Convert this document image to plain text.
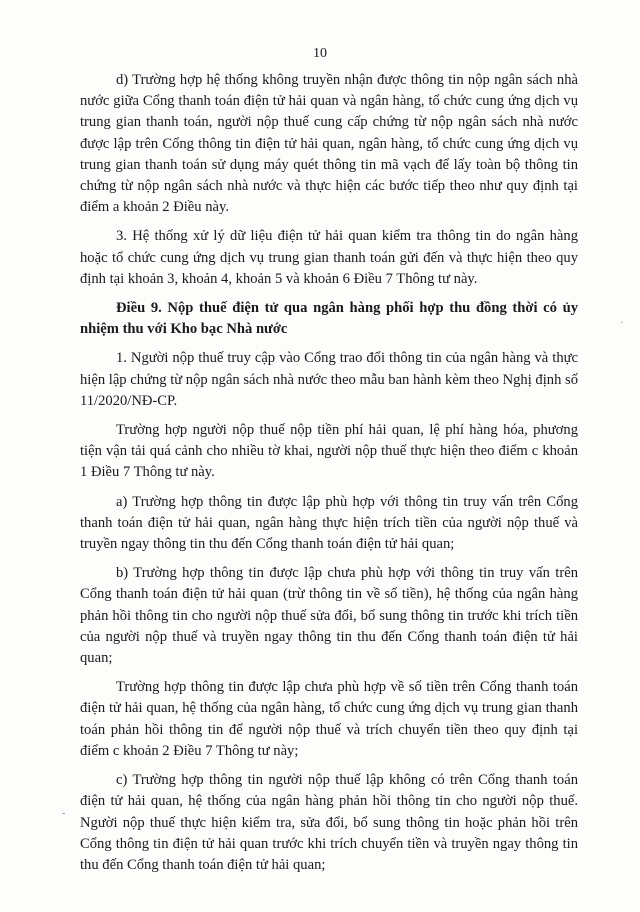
10

d) Trường hợp hệ thống không truyền nhận được thông tin nộp ngân sách nhà nước giữa Cổng thanh toán điện tử hải quan và ngân hàng, tổ chức cung ứng dịch vụ trung gian thanh toán, người nộp thuế cung cấp chứng từ nộp ngân sách nhà nước được lập trên Cổng thông tin điện tử hải quan, ngân hàng, tổ chức cung ứng dịch vụ trung gian thanh toán sử dụng máy quét thông tin mã vạch để lấy toàn bộ thông tin chứng từ nộp ngân sách nhà nước và thực hiện các bước tiếp theo như quy định tại điểm a khoản 2 Điều này.

3. Hệ thống xử lý dữ liệu điện tử hải quan kiểm tra thông tin do ngân hàng hoặc tổ chức cung ứng dịch vụ trung gian thanh toán gửi đến và thực hiện theo quy định tại khoản 3, khoản 4, khoản 5 và khoản 6 Điều 7 Thông tư này.

Điều 9. Nộp thuế điện tử qua ngân hàng phối hợp thu đồng thời có ủy nhiệm thu với Kho bạc Nhà nước

1. Người nộp thuế truy cập vào Cổng trao đổi thông tin của ngân hàng và thực hiện lập chứng từ nộp ngân sách nhà nước theo mẫu ban hành kèm theo Nghị định số 11/2020/NĐ-CP.

Trường hợp người nộp thuế nộp tiền phí hải quan, lệ phí hàng hóa, phương tiện vận tải quá cảnh cho nhiều tờ khai, người nộp thuế thực hiện theo điểm c khoản 1 Điều 7 Thông tư này.

a) Trường hợp thông tin được lập phù hợp với thông tin truy vấn trên Cổng thanh toán điện tử hải quan, ngân hàng thực hiện trích tiền của người nộp thuế và truyền ngay thông tin thu đến Cổng thanh toán điện tử hải quan;

b) Trường hợp thông tin được lập chưa phù hợp với thông tin truy vấn trên Cổng thanh toán điện tử hải quan (trừ thông tin về số tiền), hệ thống của ngân hàng phản hồi thông tin cho người nộp thuế sửa đổi, bổ sung thông tin trước khi trích tiền của người nộp thuế và truyền ngay thông tin thu đến Cổng thanh toán điện tử hải quan;

Trường hợp thông tin được lập chưa phù hợp về số tiền trên Cổng thanh toán điện tử hải quan, hệ thống của ngân hàng, tổ chức cung ứng dịch vụ trung gian thanh toán phản hồi thông tin để người nộp thuế và trích chuyển tiền theo quy định tại điểm c khoản 2 Điều 7 Thông tư này;

c) Trường hợp thông tin người nộp thuế lập không có trên Cổng thanh toán điện tử hải quan, hệ thống của ngân hàng phản hồi thông tin cho người nộp thuế. Người nộp thuế thực hiện kiểm tra, sửa đổi, bổ sung thông tin hoặc phản hồi trên Cổng thông tin điện tử hải quan trước khi trích chuyển tiền và truyền ngay thông tin thu đến Cổng thanh toán điện tử hải quan;

·
-
